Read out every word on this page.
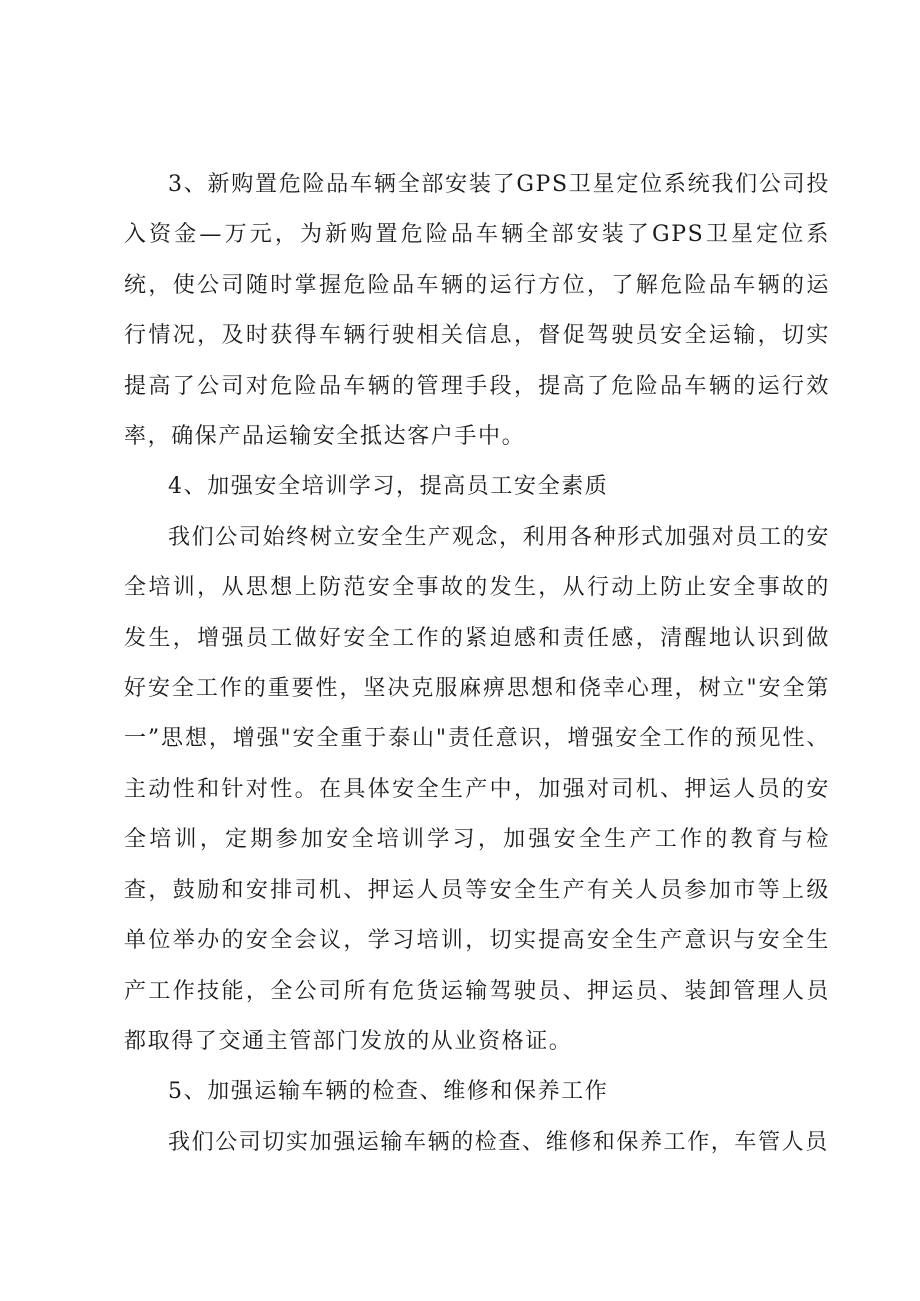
3、新购置危险品车辆全部安装了GPS卫星定位系统我们公司投入资金—万元，为新购置危险品车辆全部安装了GPS卫星定位系统，使公司随时掌握危险品车辆的运行方位，了解危险品车辆的运行情况，及时获得车辆行驶相关信息，督促驾驶员安全运输，切实提高了公司对危险品车辆的管理手段，提高了危险品车辆的运行效率，确保产品运输安全抵达客户手中。

4、加强安全培训学习，提高员工安全素质

我们公司始终树立安全生产观念，利用各种形式加强对员工的安全培训，从思想上防范安全事故的发生，从行动上防止安全事故的发生，增强员工做好安全工作的紧迫感和责任感，清醒地认识到做好安全工作的重要性，坚决克服麻痹思想和侥幸心理，树立"安全第一”思想，增强"安全重于泰山"责任意识，增强安全工作的预见性、主动性和针对性。在具体安全生产中，加强对司机、押运人员的安全培训，定期参加安全培训学习，加强安全生产工作的教育与检查，鼓励和安排司机、押运人员等安全生产有关人员参加市等上级单位举办的安全会议，学习培训，切实提高安全生产意识与安全生产工作技能，全公司所有危货运输驾驶员、押运员、装卸管理人员都取得了交通主管部门发放的从业资格证。

5、加强运输车辆的检查、维修和保养工作

我们公司切实加强运输车辆的检查、维修和保养工作，车管人员
